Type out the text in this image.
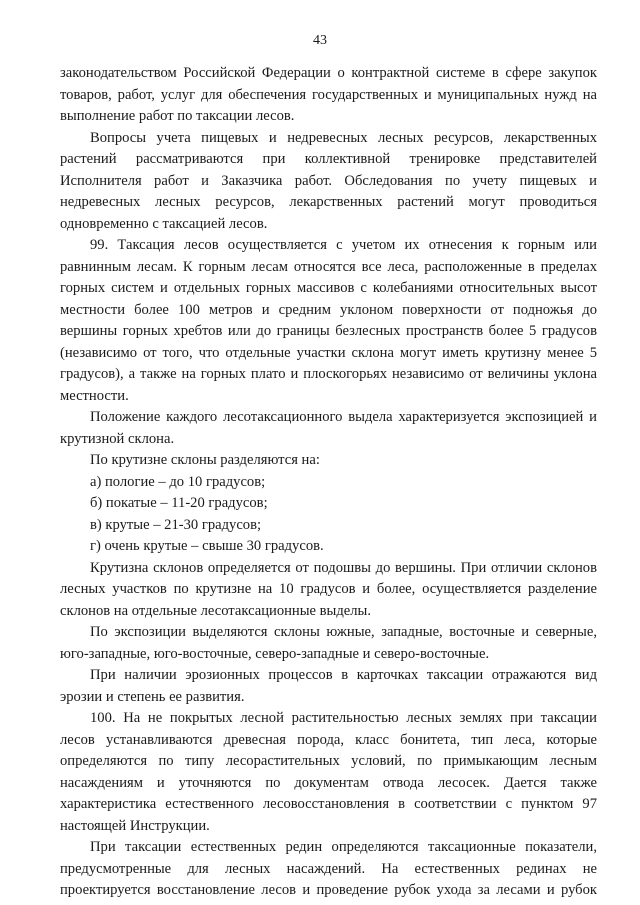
43

законодательством Российской Федерации о контрактной системе в сфере закупок товаров, работ, услуг для обеспечения государственных и муниципальных нужд на выполнение работ по таксации лесов.

Вопросы учета пищевых и недревесных лесных ресурсов, лекарственных растений рассматриваются при коллективной тренировке представителей Исполнителя работ и Заказчика работ. Обследования по учету пищевых и недревесных лесных ресурсов, лекарственных растений могут проводиться одновременно с таксацией лесов.

99. Таксация лесов осуществляется с учетом их отнесения к горным или равнинным лесам. К горным лесам относятся все леса, расположенные в пределах горных систем и отдельных горных массивов с колебаниями относительных высот местности более 100 метров и средним уклоном поверхности от подножья до вершины горных хребтов или до границы безлесных пространств более 5 градусов (независимо от того, что отдельные участки склона могут иметь крутизну менее 5 градусов), а также на горных плато и плоскогорьях независимо от величины уклона местности.

Положение каждого лесотаксационного выдела характеризуется экспозицией и крутизной склона.

По крутизне склоны разделяются на:

а) пологие – до 10 градусов;

б) покатые – 11-20 градусов;

в) крутые – 21-30 градусов;

г) очень крутые – свыше 30 градусов.

Крутизна склонов определяется от подошвы до вершины. При отличии склонов лесных участков по крутизне на 10 градусов и более, осуществляется разделение склонов на отдельные лесотаксационные выделы.

По экспозиции выделяются склоны южные, западные, восточные и северные, юго-западные, юго-восточные, северо-западные и северо-восточные.

При наличии эрозионных процессов в карточках таксации отражаются вид эрозии и степень ее развития.

100. На не покрытых лесной растительностью лесных землях при таксации лесов устанавливаются древесная порода, класс бонитета, тип леса, которые определяются по типу лесорастительных условий, по примыкающим лесным насаждениям и уточняются по документам отвода лесосек. Дается также характеристика естественного лесовосстановления в соответствии с пунктом 97 настоящей Инструкции.

При таксации естественных редин определяются таксационные показатели, предусмотренные для лесных насаждений. На естественных рединах не проектируется восстановление лесов и проведение рубок ухода за лесами и рубок
